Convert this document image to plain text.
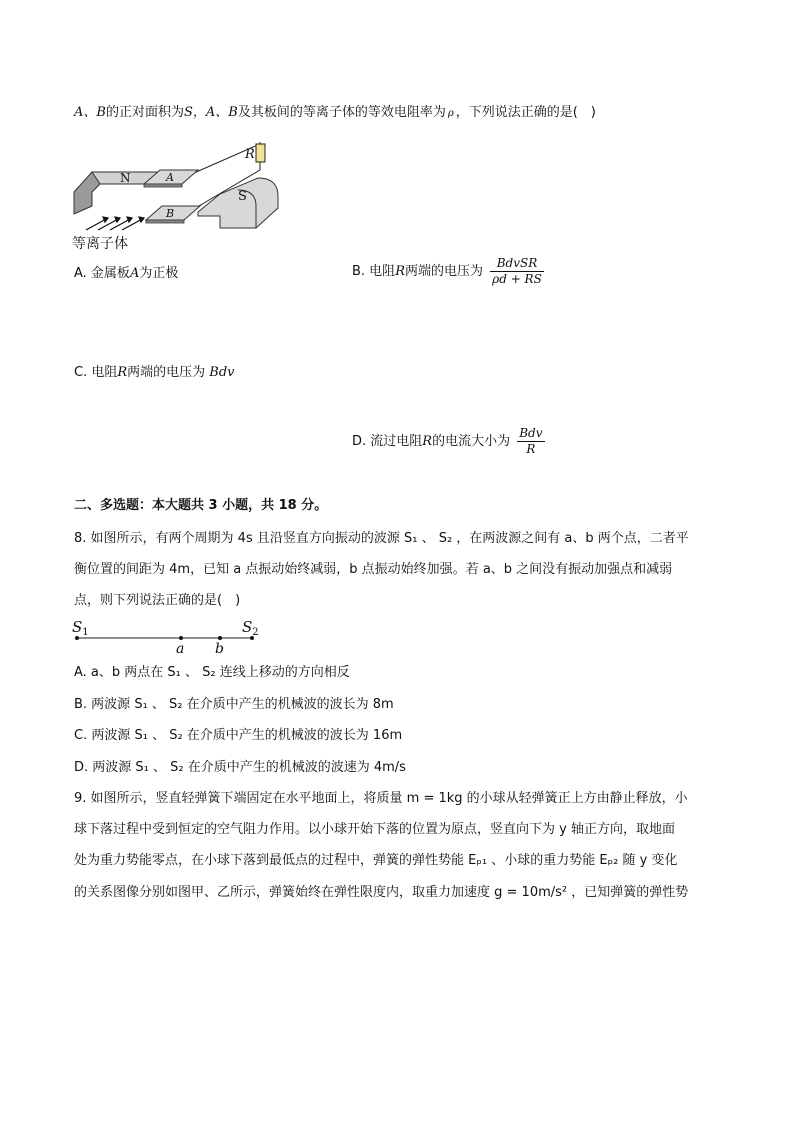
A、B的正对面积为S，A、B及其板间的等离子体的等效电阻率为 ρ ，下列说法正确的是(　)
R
N	A
B
S
等离子体
A. 金属板A为正极	B. 电阻R两端的电压为 $\frac{\text{BdvSR}}{\rho d + RS}$
C. 电阻R两端的电压为 Bdv
D. 流过电阻R的电流大小为 $\frac{\text{Bdv}}{R}$
二、多选题：本大题共 3 小题，共 18 分。
8. 如图所示，有两个周期为 4s 且沿竖直方向振动的波源 S₁ 、 S₂ ，在两波源之间有 a、b 两个点，二者平
衡位置的间距为 4m，已知 a 点振动始终减弱，b 点振动始终加强。若 a、b 之间没有振动加强点和减弱
点，则下列说法正确的是(　)
$S_1$	$S_2$
a b
A. a、b 两点在 S₁ 、 S₂ 连线上移动的方向相反
B. 两波源 S₁ 、 S₂ 在介质中产生的机械波的波长为 8m
C. 两波源 S₁ 、 S₂ 在介质中产生的机械波的波长为 16m
D. 两波源 S₁ 、 S₂ 在介质中产生的机械波的波速为 4m/s
9. 如图所示，竖直轻弹簧下端固定在水平地面上，将质量 m = 1kg 的小球从轻弹簧正上方由静止释放，小
球下落过程中受到恒定的空气阻力作用。以小球开始下落的位置为原点，竖直向下为 y 轴正方向，取地面
处为重力势能零点，在小球下落到最低点的过程中，弹簧的弹性势能 Eₚ₁ 、小球的重力势能 Eₚ₂ 随 y 变化
的关系图像分别如图甲、乙所示，弹簧始终在弹性限度内，取重力加速度 g = 10m/s² ，已知弹簧的弹性势
